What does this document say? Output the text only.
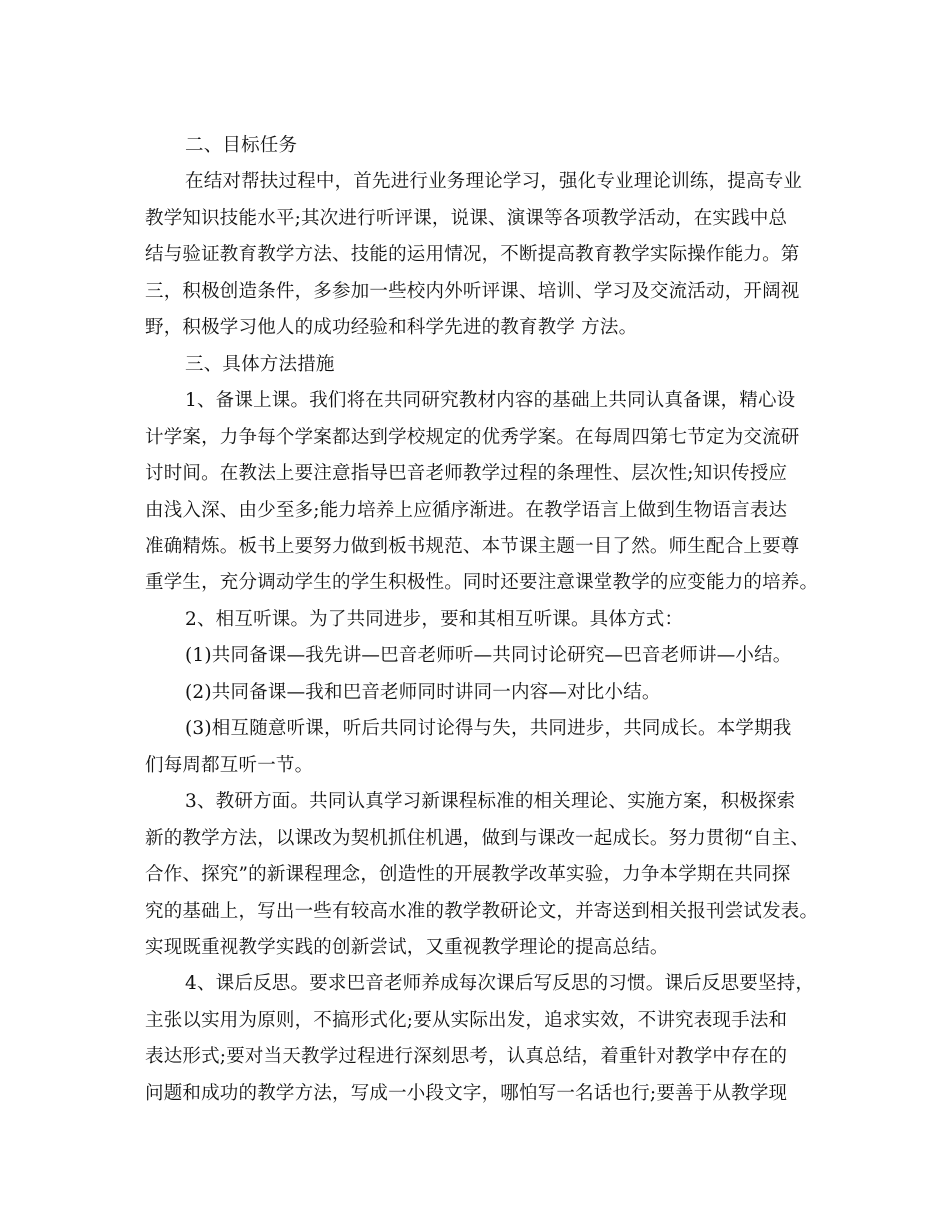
二、目标任务

在结对帮扶过程中，首先进行业务理论学习，强化专业理论训练，提高专业

教学知识技能水平;其次进行听评课，说课、演课等各项教学活动，在实践中总

结与验证教育教学方法、技能的运用情况，不断提高教育教学实际操作能力。第

三，积极创造条件，多参加一些校内外听评课、培训、学习及交流活动，开阔视

野，积极学习他人的成功经验和科学先进的教育教学 方法。

三、具体方法措施

1、备课上课。我们将在共同研究教材内容的基础上共同认真备课，精心设

计学案，力争每个学案都达到学校规定的优秀学案。在每周四第七节定为交流研

讨时间。在教法上要注意指导巴音老师教学过程的条理性、层次性;知识传授应

由浅入深、由少至多;能力培养上应循序渐进。在教学语言上做到生物语言表达

准确精炼。板书上要努力做到板书规范、本节课主题一目了然。师生配合上要尊

重学生，充分调动学生的学生积极性。同时还要注意课堂教学的应变能力的培养。

2、相互听课。为了共同进步，要和其相互听课。具体方式：

(1)共同备课—我先讲—巴音老师听—共同讨论研究—巴音老师讲—小结。

(2)共同备课—我和巴音老师同时讲同一内容—对比小结。

(3)相互随意听课，听后共同讨论得与失，共同进步，共同成长。本学期我

们每周都互听一节。

3、教研方面。共同认真学习新课程标准的相关理论、实施方案，积极探索

新的教学方法，以课改为契机抓住机遇，做到与课改一起成长。努力贯彻“自主、

合作、探究”的新课程理念，创造性的开展教学改革实验，力争本学期在共同探

究的基础上，写出一些有较高水准的教学教研论文，并寄送到相关报刊尝试发表。

实现既重视教学实践的创新尝试，又重视教学理论的提高总结。

4、课后反思。要求巴音老师养成每次课后写反思的习惯。课后反思要坚持，

主张以实用为原则，不搞形式化;要从实际出发，追求实效，不讲究表现手法和

表达形式;要对当天教学过程进行深刻思考，认真总结，着重针对教学中存在的

问题和成功的教学方法，写成一小段文字，哪怕写一名话也行;要善于从教学现
